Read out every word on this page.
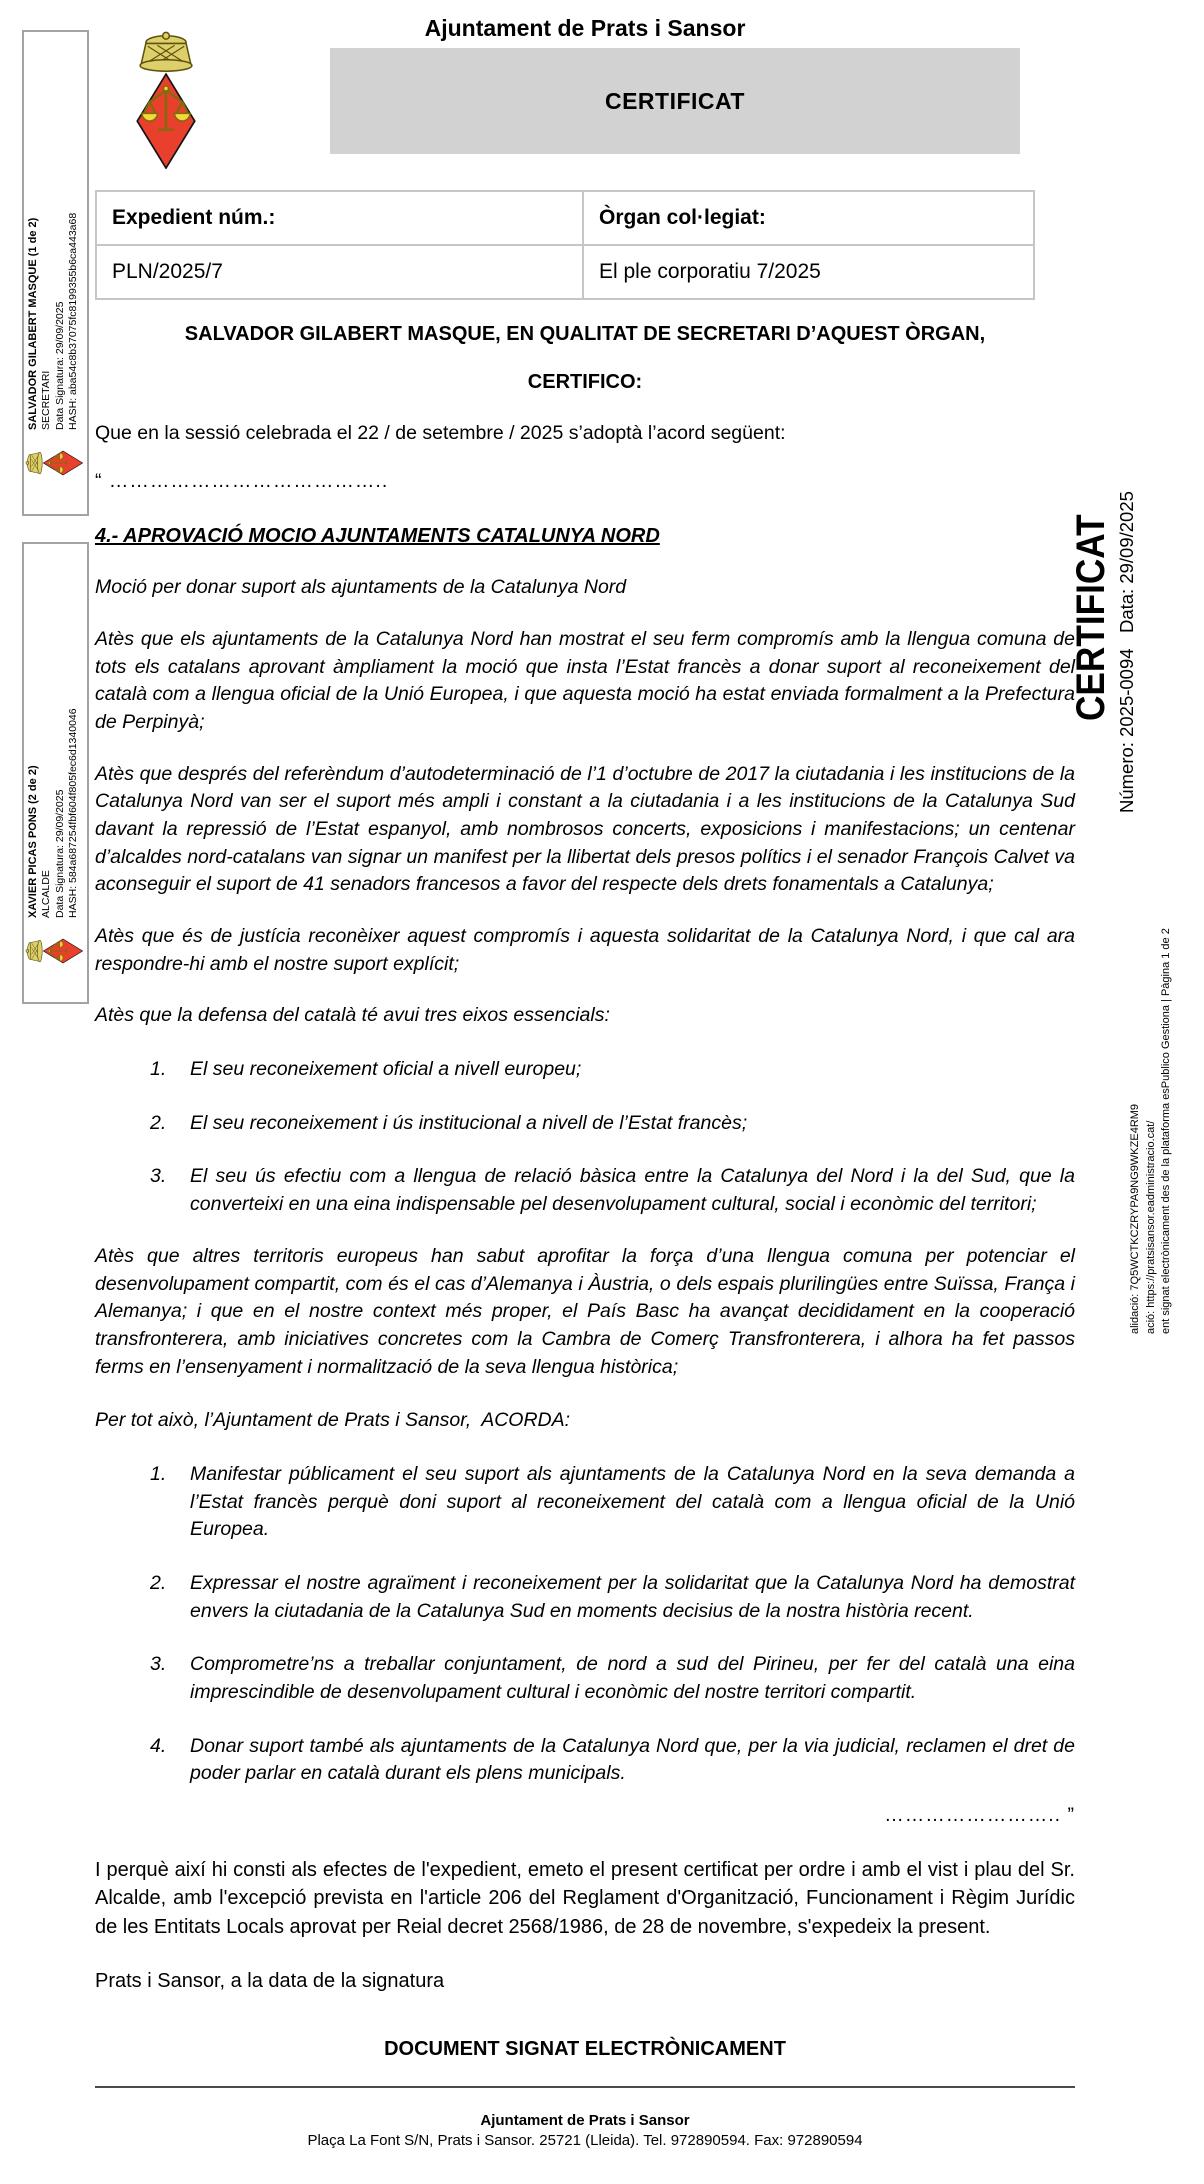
SALVADOR GILABERT MASQUE (1 de 2) SECRETARI Data Signatura: 29/09/2025 HASH: aba54c8b37075fc8199355b6ca443a68
XAVIER PICAS PONS (2 de 2) ALCALDE Data Signatura: 29/09/2025 HASH: 584a687254fbf604f805fec6d1340046
CERTIFICAT Número: 2025-0094   Data: 29/09/2025
alidació: 7Q5WCTKCZRYPA9NG9WKZE4RM9 ació: https://pratsisansor.eadministracio.cat/ ent signat electrònicament des de la plataforma esPublico Gestiona | Pàgina 1 de 2
Ajuntament de Prats i Sansor
CERTIFICAT
Expedient núm.:	Òrgan col·legiat:
PLN/2025/7	El ple corporatiu 7/2025
SALVADOR GILABERT MASQUE, EN QUALITAT DE SECRETARI D’AQUEST ÒRGAN,
CERTIFICO:
Que en la sessió celebrada el 22 / de setembre / 2025 s’adoptà l’acord següent:
“ …………………………………..
4.- APROVACIÓ MOCIO AJUNTAMENTS CATALUNYA NORD
Moció per donar suport als ajuntaments de la Catalunya Nord
Atès que els ajuntaments de la Catalunya Nord han mostrat el seu ferm compromís amb la llengua comuna de tots els catalans aprovant àmpliament la moció que insta l’Estat francès a donar suport al reconeixement del català com a llengua oficial de la Unió Europea, i que aquesta moció ha estat enviada formalment a la Prefectura de Perpinyà;
Atès que després del referèndum d’autodeterminació de l’1 d’octubre de 2017 la ciutadania i les institucions de la Catalunya Nord van ser el suport més ampli i constant a la ciutadania i a les institucions de la Catalunya Sud davant la repressió de l’Estat espanyol, amb nombrosos concerts, exposicions i manifestacions; un centenar d’alcaldes nord-catalans van signar un manifest per la llibertat dels presos polítics i el senador François Calvet va aconseguir el suport de 41 senadors francesos a favor del respecte dels drets fonamentals a Catalunya;
Atès que és de justícia reconèixer aquest compromís i aquesta solidaritat de la Catalunya Nord, i que cal ara respondre-hi amb el nostre suport explícit;
Atès que la defensa del català té avui tres eixos essencials:
1.	El seu reconeixement oficial a nivell europeu;
2.	El seu reconeixement i ús institucional a nivell de l’Estat francès;
3.	El seu ús efectiu com a llengua de relació bàsica entre la Catalunya del Nord i la del Sud, que la converteixi en una eina indispensable pel desenvolupament cultural, social i econòmic del territori;
Atès que altres territoris europeus han sabut aprofitar la força d’una llengua comuna per potenciar el desenvolupament compartit, com és el cas d’Alemanya i Àustria, o dels espais plurilingües entre Suïssa, França i Alemanya; i que en el nostre context més proper, el País Basc ha avançat decididament en la cooperació transfronterera, amb iniciatives concretes com la Cambra de Comerç Transfronterera, i alhora ha fet passos ferms en l’ensenyament i normalització de la seva llengua històrica;
Per tot això, l’Ajuntament de Prats i Sansor,  ACORDA:
1.	Manifestar públicament el seu suport als ajuntaments de la Catalunya Nord en la seva demanda a l’Estat francès perquè doni suport al reconeixement del català com a llengua oficial de la Unió Europea.
2.	Expressar el nostre agraïment i reconeixement per la solidaritat que la Catalunya Nord ha demostrat envers la ciutadania de la Catalunya Sud en moments decisius de la nostra història recent.
3.	Comprometre’ns a treballar conjuntament, de nord a sud del Pirineu, per fer del català una eina imprescindible de desenvolupament cultural i econòmic del nostre territori compartit.
4.	Donar suport també als ajuntaments de la Catalunya Nord que, per la via judicial, reclamen el dret de poder parlar en català durant els plens municipals.
…………………….. ”
I perquè així hi consti als efectes de l'expedient, emeto el present certificat per ordre i amb el vist i plau del Sr. Alcalde, amb l'excepció prevista en l'article 206 del Reglament d'Organització, Funcionament i Règim Jurídic de les Entitats Locals aprovat per Reial decret 2568/1986, de 28 de novembre, s'expedeix la present.
Prats i Sansor, a la data de la signatura
DOCUMENT SIGNAT ELECTRÒNICAMENT
Ajuntament de Prats i Sansor
Plaça La Font S/N, Prats i Sansor. 25721 (Lleida). Tel. 972890594. Fax: 972890594
